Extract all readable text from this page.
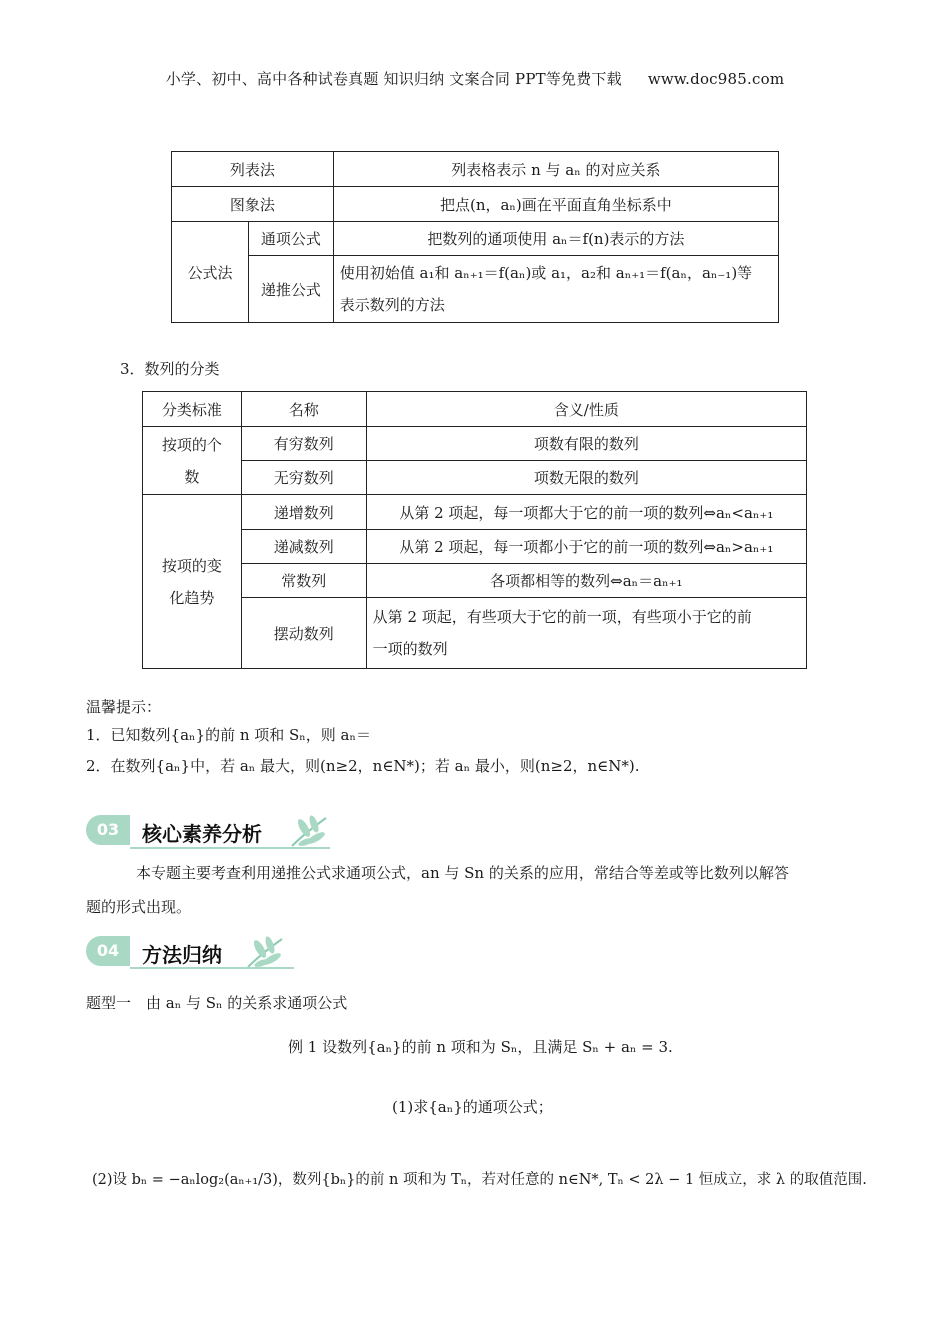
小学、初中、高中各种试卷真题 知识归纳 文案合同 PPT等免费下载 www.doc985.com
列表法		列表格表示 n 与 aₙ 的对应关系
图象法		把点(n，aₙ)画在平面直角坐标系中
公式法	通项公式	把数列的通项使用 aₙ＝f(n)表示的方法
	递推公式	使用初始值 a₁和 aₙ₊₁＝f(aₙ)或 a₁，a₂和 aₙ₊₁＝f(aₙ，aₙ₋₁)等
表示数列的方法
3．数列的分类
分类标准	名称	含义/性质

按项的个
数	有穷数列	项数有限的数列
	无穷数列	项数无限的数列

按项的变
化趋势	递增数列	从第 2 项起，每一项都大于它的前一项的数列⇔aₙ<aₙ₊₁
	递减数列	从第 2 项起，每一项都小于它的前一项的数列⇔aₙ>aₙ₊₁
	常数列	各项都相等的数列⇔aₙ＝aₙ₊₁
	摆动数列	从第 2 项起，有些项大于它的前一项，有些项小于它的前
一项的数列
温馨提示：
1．已知数列{aₙ}的前 n 项和 Sₙ，则 aₙ＝
2．在数列{aₙ}中，若 aₙ 最大，则(n≥2，n∈N*)；若 aₙ 最小，则(n≥2，n∈N*).
03	核心素养分析
本专题主要考查利用递推公式求通项公式，an 与 Sn 的关系的应用，常结合等差或等比数列以解答
题的形式出现。
04	方法归纳
题型一　由 aₙ 与 Sₙ 的关系求通项公式
例 1 设数列{aₙ}的前 n 项和为 Sₙ，且满足 Sₙ + aₙ = 3.
(1)求{aₙ}的通项公式；
(2)设 bₙ = −aₙlog₂(aₙ₊₁/3)，数列{bₙ}的前 n 项和为 Tₙ，若对任意的 n∈N*, Tₙ < 2λ − 1 恒成立，求 λ 的取值范围.
